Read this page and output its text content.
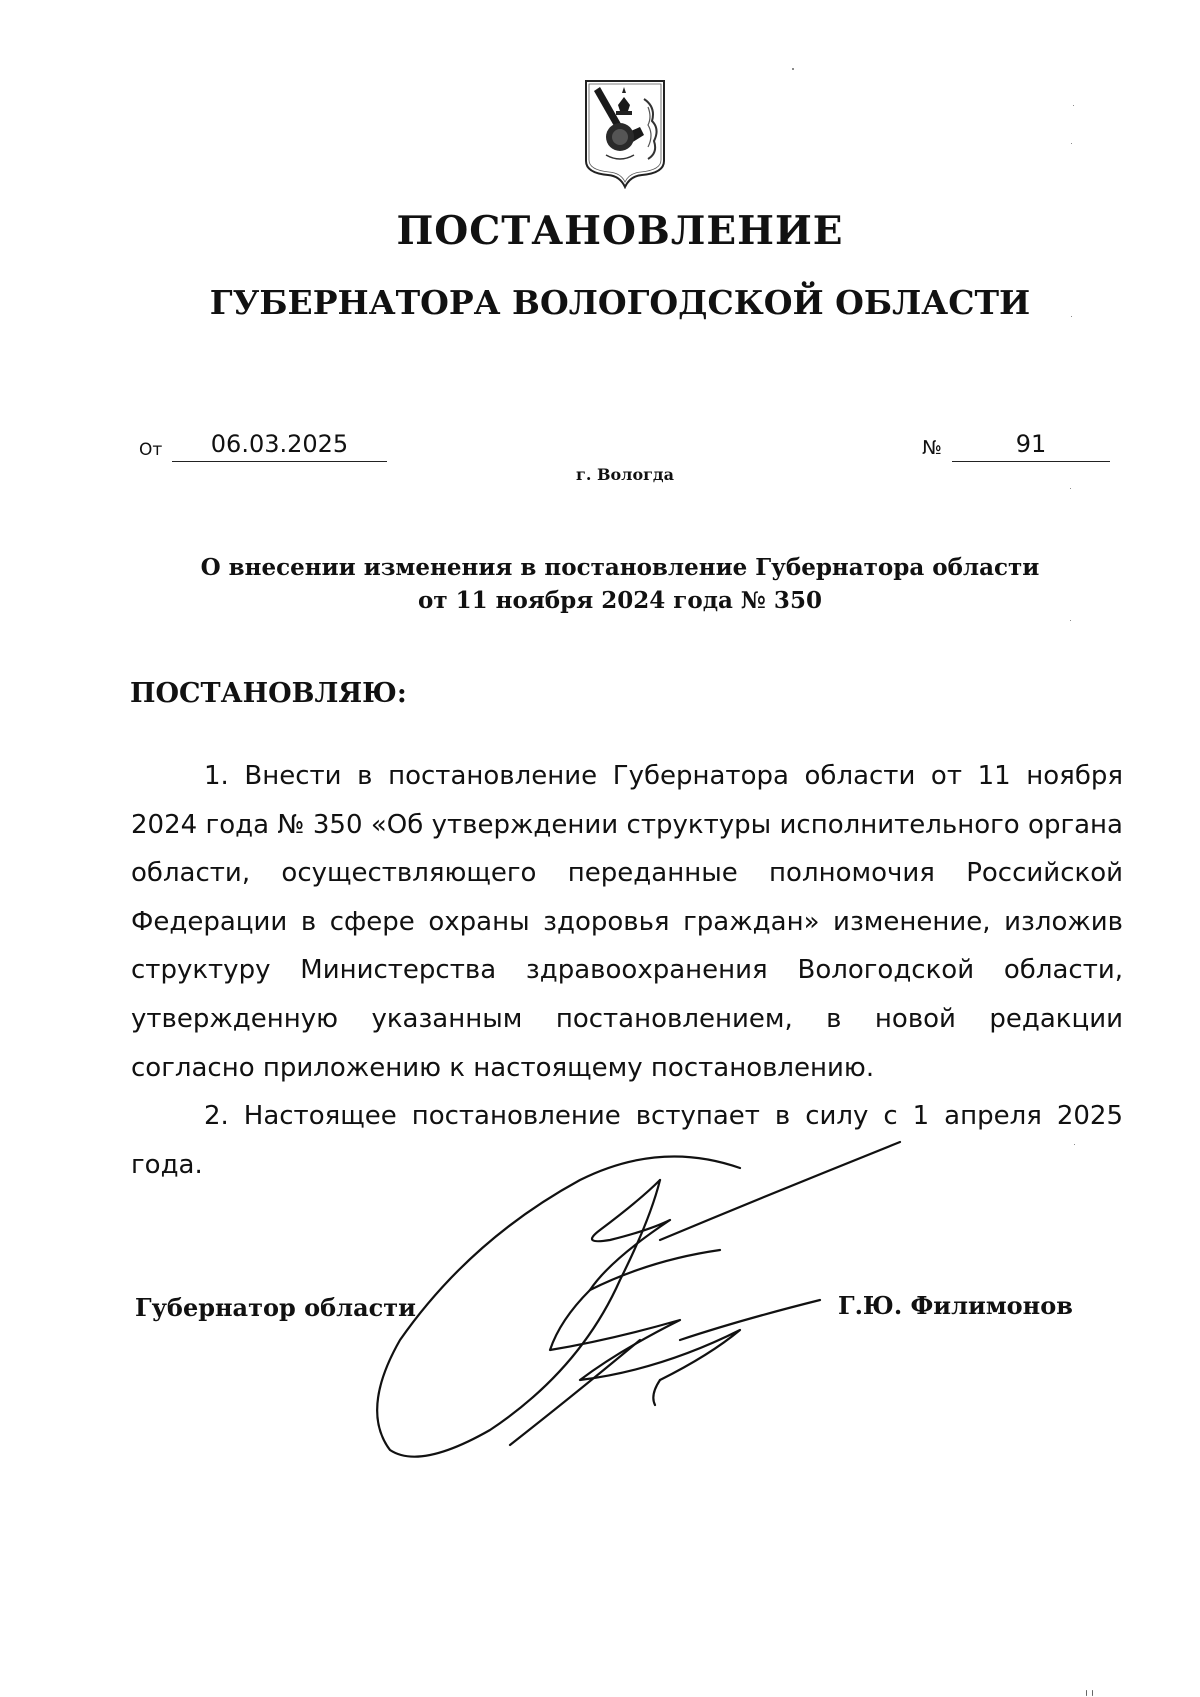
ПОСТАНОВЛЕНИЕ
ГУБЕРНАТОРА ВОЛОГОДСКОЙ ОБЛАСТИ
От	06.03.2025	№	91
г. Вологда
О внесении изменения в постановление Губернатора области
от 11 ноября 2024 года № 350
ПОСТАНОВЛЯЮ:

1. Внести в постановление Губернатора области от 11 ноября 2024 года № 350 «Об утверждении структуры исполнительного органа области, осуществляющего переданные полномочия Российской Федерации в сфере охраны здоровья граждан» изменение, изложив структуру Министерства здравоохранения Вологодской области, утвержденную указанным постановлением, в новой редакции согласно приложению к настоящему постановлению.

2. Настоящее постановление вступает в силу с 1 апреля 2025 года.

Губернатор области	Г.Ю. Филимонов
